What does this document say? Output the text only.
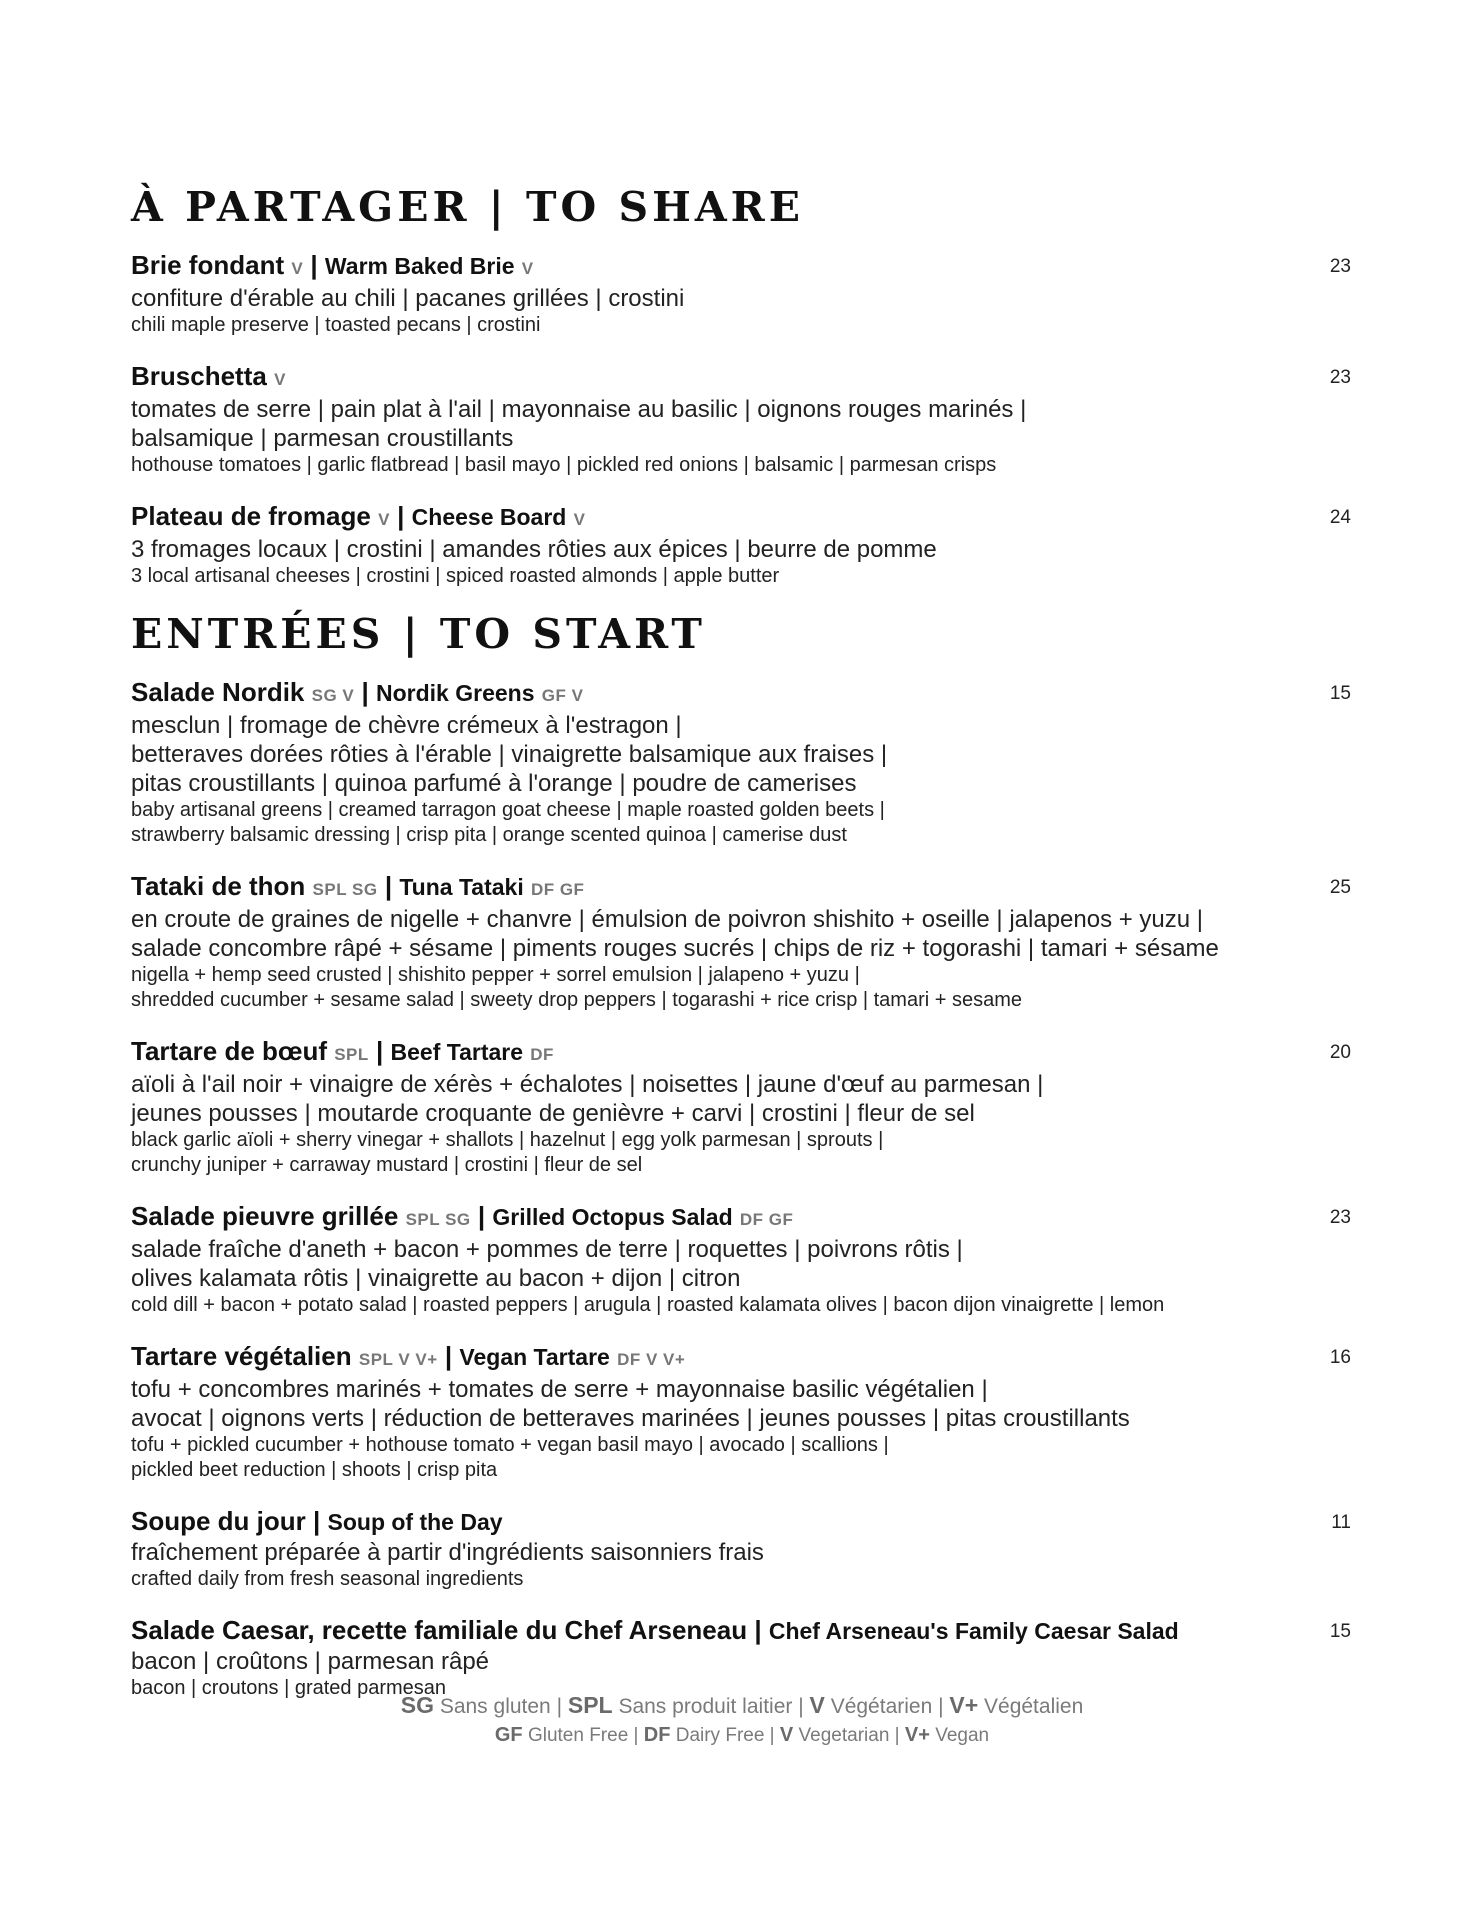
À PARTAGER | TO SHARE
Brie fondant V | Warm Baked Brie V	23
confiture d'érable au chili | pacanes grillées | crostini
chili maple preserve | toasted pecans | crostini
Bruschetta V	23
tomates de serre | pain plat à l'ail | mayonnaise au basilic | oignons rouges marinés |
balsamique | parmesan croustillants
hothouse tomatoes | garlic flatbread | basil mayo | pickled red onions | balsamic | parmesan crisps
Plateau de fromage V | Cheese Board V	24
3 fromages locaux | crostini | amandes rôties aux épices | beurre de pomme
3 local artisanal cheeses | crostini | spiced roasted almonds | apple butter
ENTRÉES | TO START
Salade Nordik SG V | Nordik Greens GF V	15
mesclun | fromage de chèvre crémeux à l'estragon |
betteraves dorées rôties à l'érable | vinaigrette balsamique aux fraises |
pitas croustillants | quinoa parfumé à l'orange | poudre de camerises
baby artisanal greens | creamed tarragon goat cheese | maple roasted golden beets |
strawberry balsamic dressing | crisp pita | orange scented quinoa | camerise dust
Tataki de thon SPL SG | Tuna Tataki DF GF	25
en croute de graines de nigelle + chanvre | émulsion de poivron shishito + oseille | jalapenos + yuzu |
salade concombre râpé + sésame | piments rouges sucrés | chips de riz + togorashi | tamari + sésame
nigella + hemp seed crusted | shishito pepper + sorrel emulsion | jalapeno + yuzu |
shredded cucumber + sesame salad | sweety drop peppers | togarashi + rice crisp | tamari + sesame
Tartare de bœuf SPL | Beef Tartare DF	20
aïoli à l'ail noir + vinaigre de xérès + échalotes | noisettes | jaune d'œuf au parmesan |
jeunes pousses | moutarde croquante de genièvre + carvi | crostini | fleur de sel
black garlic aïoli + sherry vinegar + shallots | hazelnut | egg yolk parmesan | sprouts |
crunchy juniper + carraway mustard | crostini | fleur de sel
Salade pieuvre grillée SPL SG | Grilled Octopus Salad DF GF	23
salade fraîche d'aneth + bacon + pommes de terre | roquettes | poivrons rôtis |
olives kalamata rôtis | vinaigrette au bacon + dijon | citron
cold dill + bacon + potato salad | roasted peppers | arugula | roasted kalamata olives | bacon dijon vinaigrette | lemon
Tartare végétalien SPL V V+ | Vegan Tartare DF V V+	16
tofu + concombres marinés + tomates de serre + mayonnaise basilic végétalien |
avocat | oignons verts | réduction de betteraves marinées | jeunes pousses | pitas croustillants
tofu + pickled cucumber + hothouse tomato + vegan basil mayo | avocado | scallions |
pickled beet reduction | shoots | crisp pita
Soupe du jour | Soup of the Day	11
fraîchement préparée à partir d'ingrédients saisonniers frais
crafted daily from fresh seasonal ingredients
Salade Caesar, recette familiale du Chef Arseneau | Chef Arseneau's Family Caesar Salad	15
bacon | croûtons | parmesan râpé
bacon | croutons | grated parmesan
SG Sans gluten | SPL Sans produit laitier | V Végétarien | V+ Végétalien
GF Gluten Free | DF Dairy Free | V Vegetarian | V+ Vegan
